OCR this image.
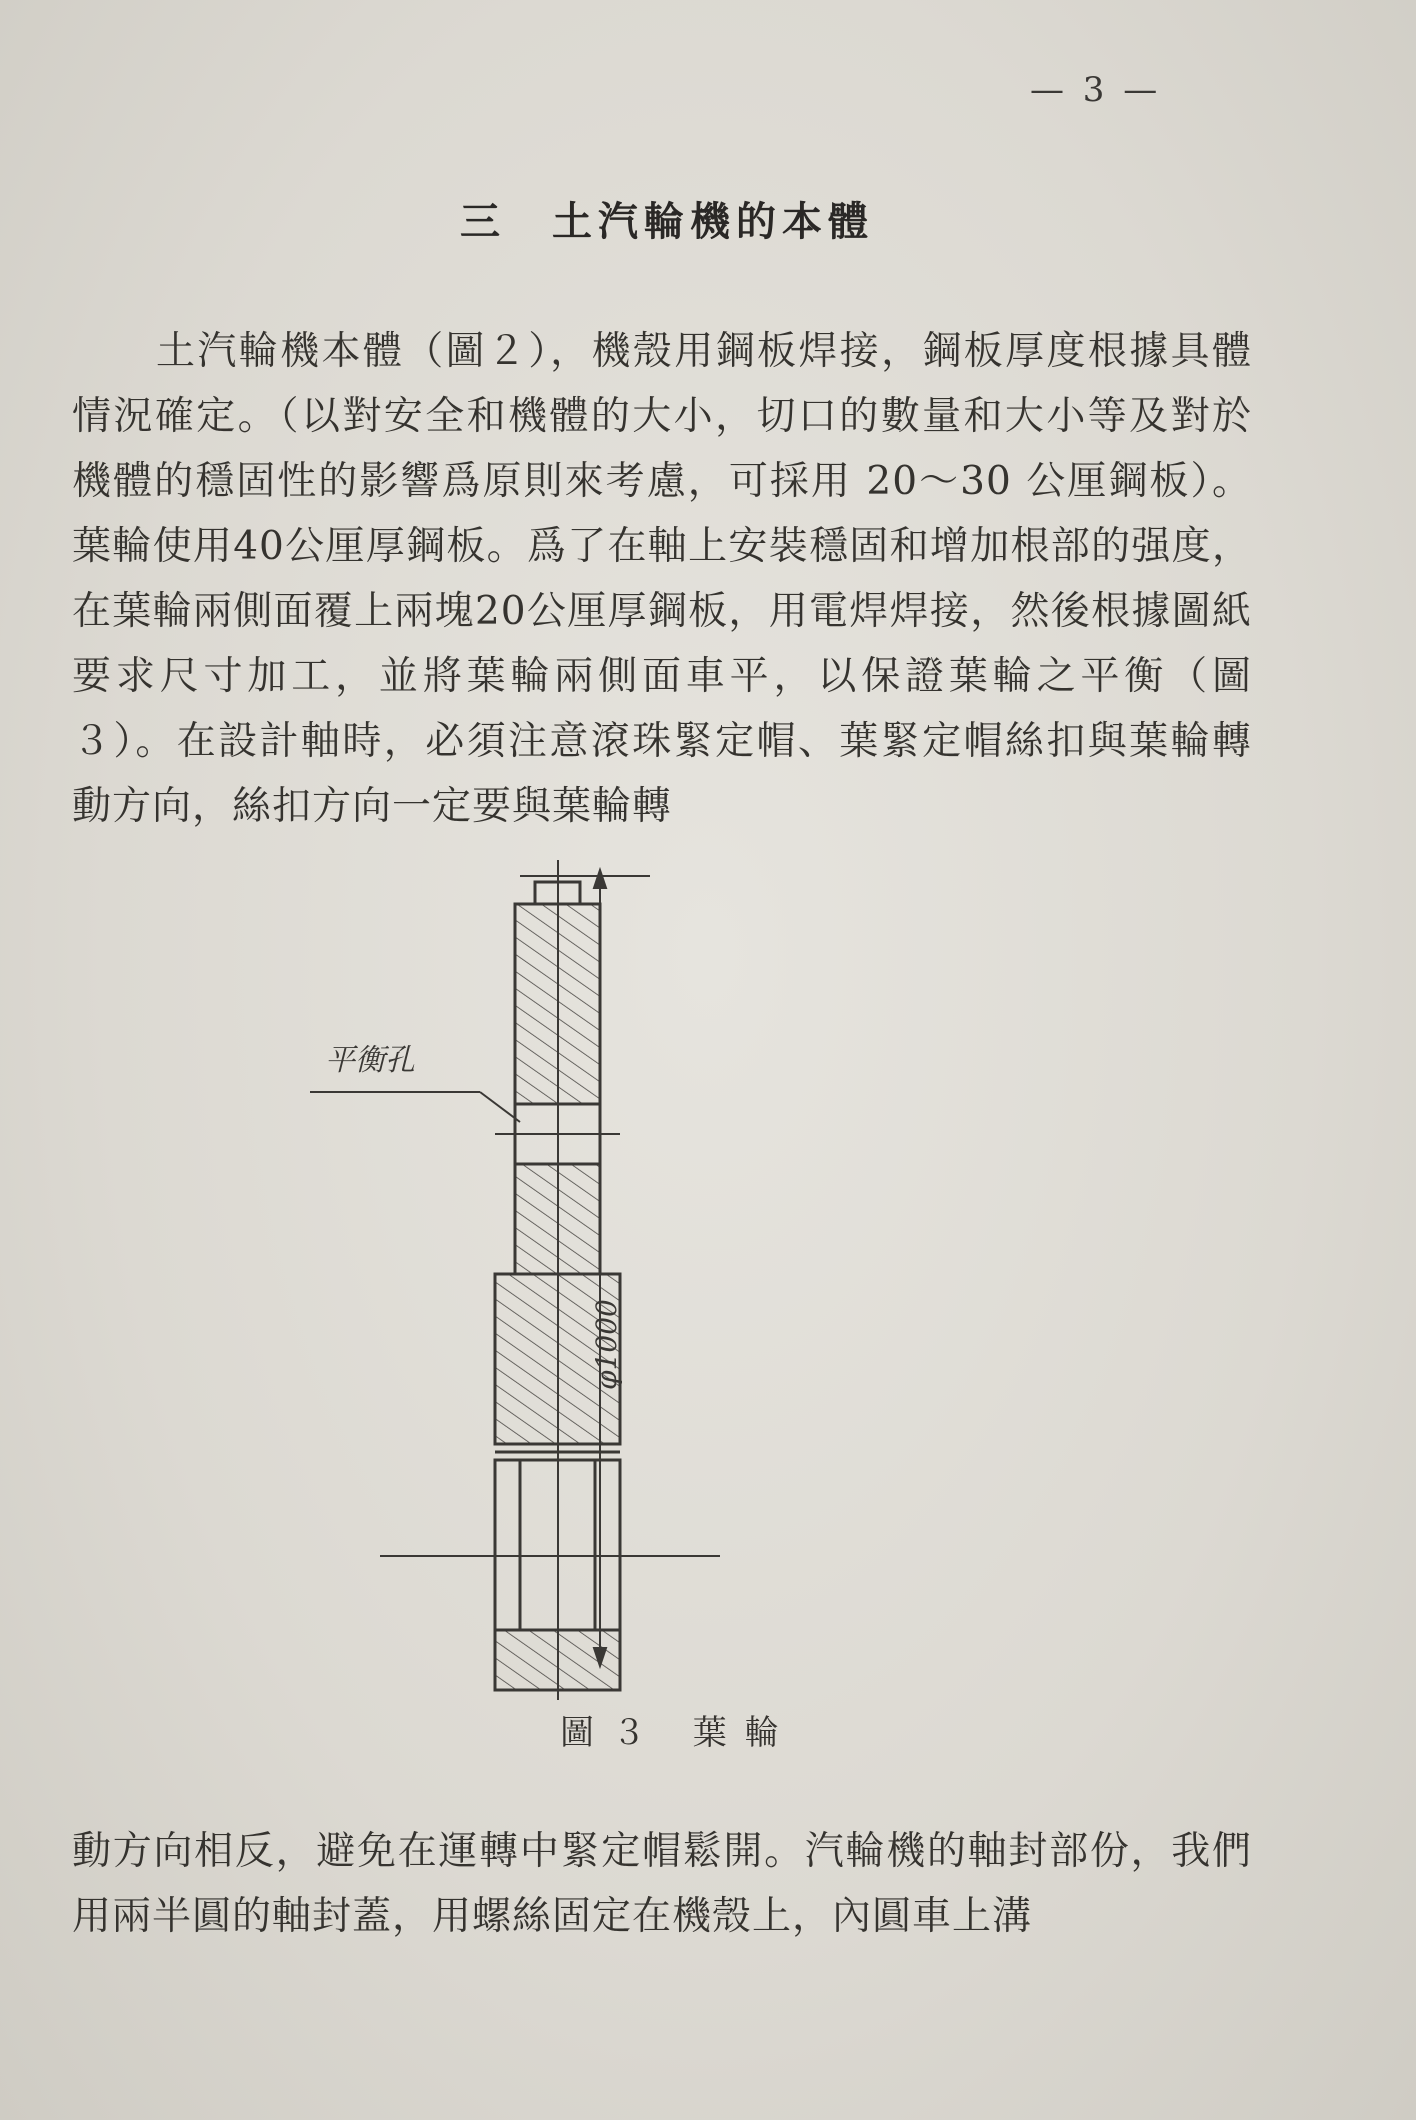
— 3 —
三　土汽輪機的本體

土汽輪機本體（圖２），機殼用鋼板焊接，鋼板厚度根據具體情況確定。（以對安全和機體的大小，切口的數量和大小等及對於機體的穩固性的影響爲原則來考慮，可採用 20～30 公厘鋼板）。葉輪使用40公厘厚鋼板。爲了在軸上安裝穩固和增加根部的强度，在葉輪兩側面覆上兩塊20公厘厚鋼板，用電焊焊接，然後根據圖紙要求尺寸加工，並將葉輪兩側面車平，以保證葉輪之平衡（圖３）。在設計軸時，必須注意滾珠緊定帽、葉緊定帽絲扣與葉輪轉動方向，絲扣方向一定要與葉輪轉

平衡孔
φ1000
圖３ 葉輪

動方向相反，避免在運轉中緊定帽鬆開。汽輪機的軸封部份，我們用兩半圓的軸封蓋，用螺絲固定在機殼上，內圓車上溝
